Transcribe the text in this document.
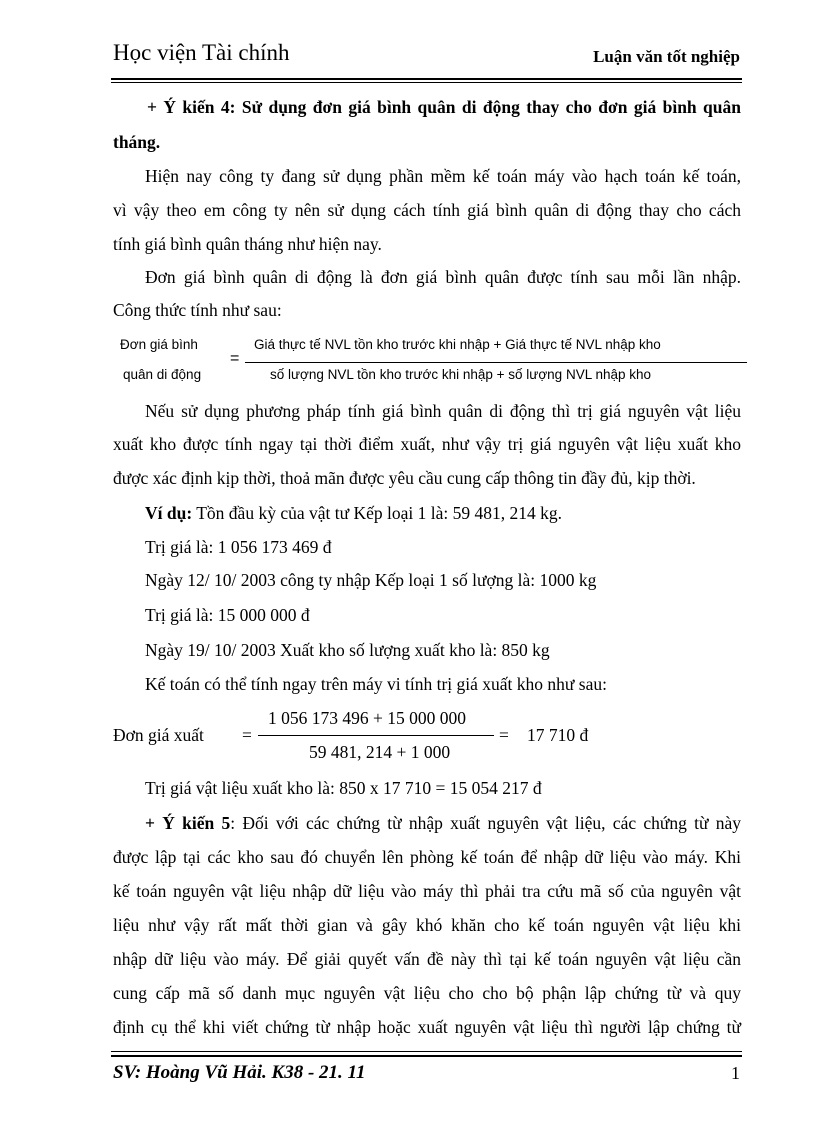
Học viện Tài chính	Luận văn tốt nghiệp
+ Ý kiến 4: Sử dụng đơn giá bình quân di động thay cho đơn giá bình quân
tháng.
Hiện nay công ty đang sử dụng phần mềm kế toán máy vào hạch toán kế toán,
vì vậy theo em công ty nên sử dụng cách tính giá bình quân di động thay cho cách
tính giá bình quân tháng như hiện nay.
Đơn giá bình quân di động là đơn giá bình quân được tính sau mỗi lần nhập.
Công thức tính như sau:
Đơn giá bình
quân di động
=
Giá thực tế NVL tồn kho trước khi nhập + Giá thực tế NVL nhập kho
số lượng NVL tồn kho trước khi nhập + số lượng NVL nhập kho
Nếu sử dụng phương pháp tính giá bình quân di động thì trị giá nguyên vật liệu
xuất kho được tính ngay tại thời điểm xuất, như vậy trị giá nguyên vật liệu xuất kho
được xác định kịp thời, thoả mãn được yêu cầu cung cấp thông tin đầy đủ, kịp thời.
Ví dụ: Tồn đầu kỳ của vật tư Kếp loại 1 là: 59 481, 214 kg.
Trị giá là: 1 056 173 469 đ
Ngày 12/ 10/ 2003 công ty nhập Kếp loại 1 số lượng là: 1000 kg
Trị giá là: 15 000 000 đ
Ngày 19/ 10/ 2003 Xuất kho số lượng xuất kho là: 850 kg
Kế toán có thể tính ngay trên máy vi tính trị giá xuất kho như sau:
Đơn giá xuất =
1 056 173 496 + 15 000 000
59 481, 214 + 1 000
= 17 710 đ
Trị giá vật liệu xuất kho là: 850 x 17 710 = 15 054 217 đ
+ Ý kiến 5: Đối với các chứng từ nhập xuất nguyên vật liệu, các chứng từ này
được lập tại các kho sau đó chuyển lên phòng kế toán để nhập dữ liệu vào máy. Khi
kế toán nguyên vật liệu nhập dữ liệu vào máy thì phải tra cứu mã số của nguyên vật
liệu như vậy rất mất thời gian và gây khó khăn cho kế toán nguyên vật liệu khi
nhập dữ liệu vào máy. Để giải quyết vấn đề này thì tại kế toán nguyên vật liệu cần
cung cấp mã số danh mục nguyên vật liệu cho cho bộ phận lập chứng từ và quy
định cụ thể khi viết chứng từ nhập hoặc xuất nguyên vật liệu thì người lập chứng từ
SV: Hoàng Vũ Hải. K38 - 21. 11	1
